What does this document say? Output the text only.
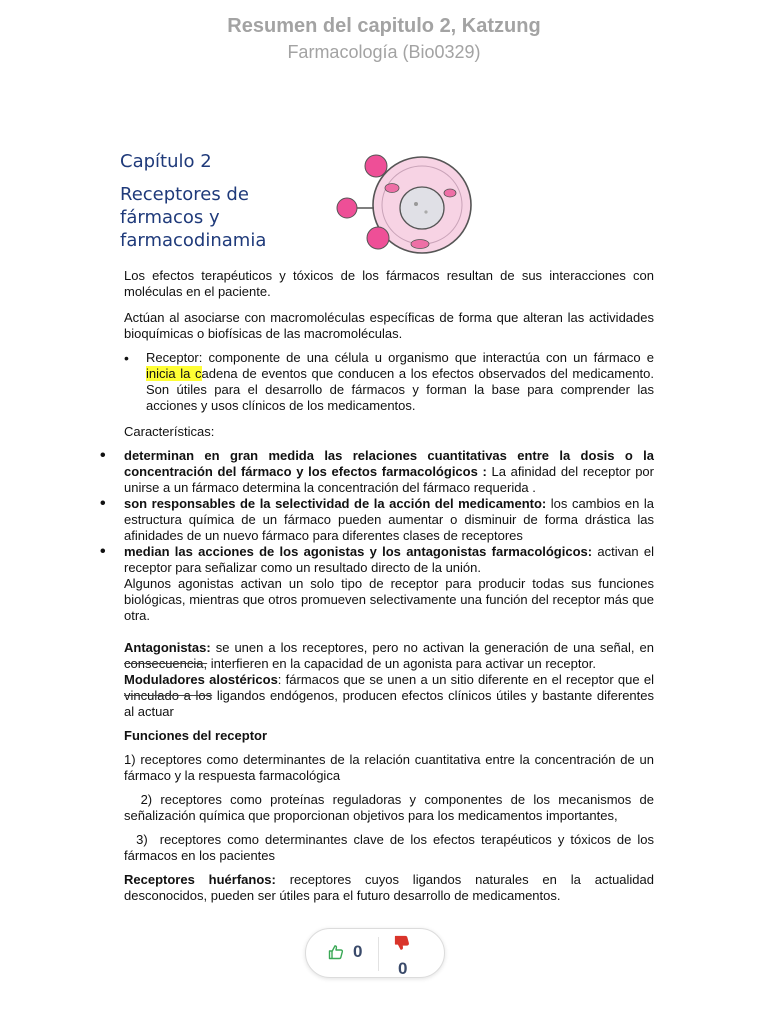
Resumen del capitulo 2, Katzung
Farmacología (Bio0329)
Capítulo 2
Receptores de fármacos y farmacodinamia

Los efectos terapéuticos y tóxicos de los fármacos resultan de sus interacciones con moléculas en el paciente.

Actúan al asociarse con macromoléculas específicas de forma que alteran las actividades bioquímicas o biofísicas de las macromoléculas.

• Receptor: componente de una célula u organismo que interactúa con un fármaco e inicia la cadena de eventos que conducen a los efectos observados del medicamento. Son útiles para el desarrollo de fármacos y forman la base para comprender las acciones y usos clínicos de los medicamentos.

Características:

• determinan en gran medida las relaciones cuantitativas entre la dosis o la concentración del fármaco y los efectos farmacológicos : La afinidad del receptor por unirse a un fármaco determina la concentración del fármaco requerida .
• son responsables de la selectividad de la acción del medicamento: los cambios en la estructura química de un fármaco pueden aumentar o disminuir de forma drástica las afinidades de un nuevo fármaco para diferentes clases de receptores
• median las acciones de los agonistas y los antagonistas farmacológicos: activan el receptor para señalizar como un resultado directo de la unión.
Algunos agonistas activan un solo tipo de receptor para producir todas sus funciones biológicas, mientras que otros promueven selectivamente una función del receptor más que otra.

Antagonistas: se unen a los receptores, pero no activan la generación de una señal, en consecuencia, interfieren en la capacidad de un agonista para activar un receptor.

Moduladores alostéricos: fármacos que se unen a un sitio diferente en el receptor que el vinculado a los ligandos endógenos, producen efectos clínicos útiles y bastante diferentes al actuar

Funciones del receptor

1) receptores como determinantes de la relación cuantitativa entre la concentración de un fármaco y la respuesta farmacológica

2) receptores como proteínas reguladoras y componentes de los mecanismos de señalización química que proporcionan objetivos para los medicamentos importantes,

3)  receptores como determinantes clave de los efectos terapéuticos y tóxicos de los fármacos en los pacientes

Receptores huérfanos: receptores cuyos ligandos naturales en la actualidad desconocidos, pueden ser útiles para el futuro desarrollo de medicamentos.

0
0
